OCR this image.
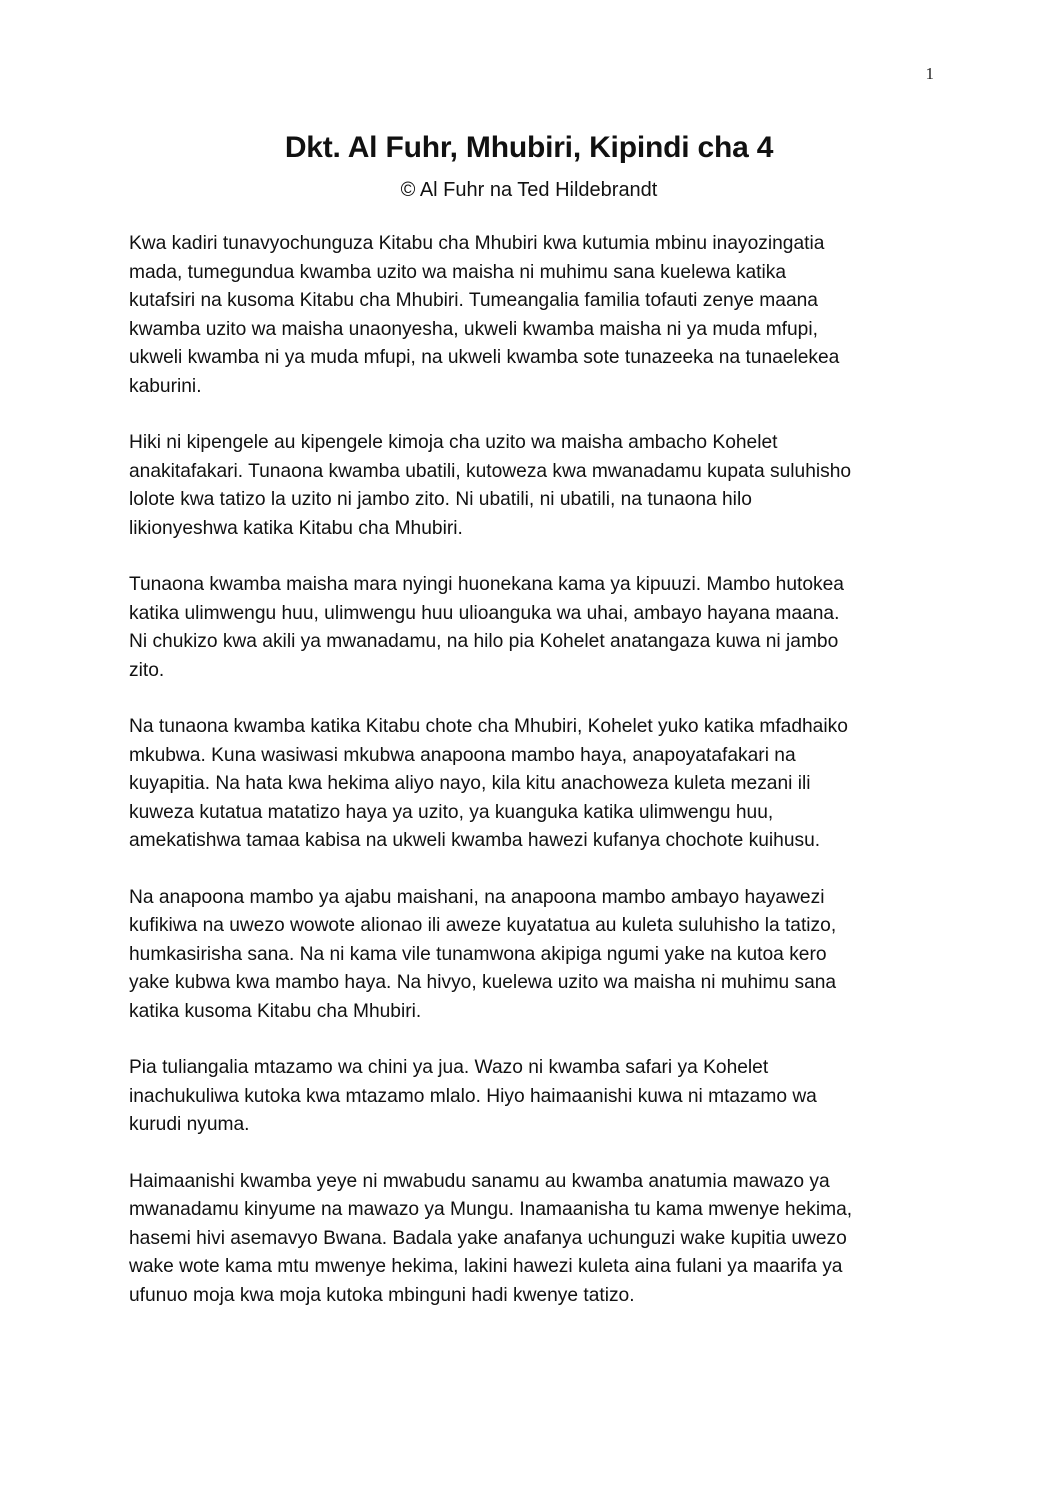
1
Dkt. Al Fuhr, Mhubiri, Kipindi cha 4
© Al Fuhr na Ted Hildebrandt

Kwa kadiri tunavyochunguza Kitabu cha Mhubiri kwa kutumia mbinu inayozingatia
mada, tumegundua kwamba uzito wa maisha ni muhimu sana kuelewa katika
kutafsiri na kusoma Kitabu cha Mhubiri. Tumeangalia familia tofauti zenye maana
kwamba uzito wa maisha unaonyesha, ukweli kwamba maisha ni ya muda mfupi,
ukweli kwamba ni ya muda mfupi, na ukweli kwamba sote tunazeeka na tunaelekea
kaburini.

Hiki ni kipengele au kipengele kimoja cha uzito wa maisha ambacho Kohelet
anakitafakari. Tunaona kwamba ubatili, kutoweza kwa mwanadamu kupata suluhisho
lolote kwa tatizo la uzito ni jambo zito. Ni ubatili, ni ubatili, na tunaona hilo
likionyeshwa katika Kitabu cha Mhubiri.

Tunaona kwamba maisha mara nyingi huonekana kama ya kipuuzi. Mambo hutokea
katika ulimwengu huu, ulimwengu huu ulioanguka wa uhai, ambayo hayana maana.
Ni chukizo kwa akili ya mwanadamu, na hilo pia Kohelet anatangaza kuwa ni jambo
zito.

Na tunaona kwamba katika Kitabu chote cha Mhubiri, Kohelet yuko katika mfadhaiko
mkubwa. Kuna wasiwasi mkubwa anapoona mambo haya, anapoyatafakari na
kuyapitia. Na hata kwa hekima aliyo nayo, kila kitu anachoweza kuleta mezani ili
kuweza kutatua matatizo haya ya uzito, ya kuanguka katika ulimwengu huu,
amekatishwa tamaa kabisa na ukweli kwamba hawezi kufanya chochote kuihusu.

Na anapoona mambo ya ajabu maishani, na anapoona mambo ambayo hayawezi
kufikiwa na uwezo wowote alionao ili aweze kuyatatua au kuleta suluhisho la tatizo,
humkasirisha sana. Na ni kama vile tunamwona akipiga ngumi yake na kutoa kero
yake kubwa kwa mambo haya. Na hivyo, kuelewa uzito wa maisha ni muhimu sana
katika kusoma Kitabu cha Mhubiri.

Pia tuliangalia mtazamo wa chini ya jua. Wazo ni kwamba safari ya Kohelet
inachukuliwa kutoka kwa mtazamo mlalo. Hiyo haimaanishi kuwa ni mtazamo wa
kurudi nyuma.

Haimaanishi kwamba yeye ni mwabudu sanamu au kwamba anatumia mawazo ya
mwanadamu kinyume na mawazo ya Mungu. Inamaanisha tu kama mwenye hekima,
hasemi hivi asemavyo Bwana. Badala yake anafanya uchunguzi wake kupitia uwezo
wake wote kama mtu mwenye hekima, lakini hawezi kuleta aina fulani ya maarifa ya
ufunuo moja kwa moja kutoka mbinguni hadi kwenye tatizo.
